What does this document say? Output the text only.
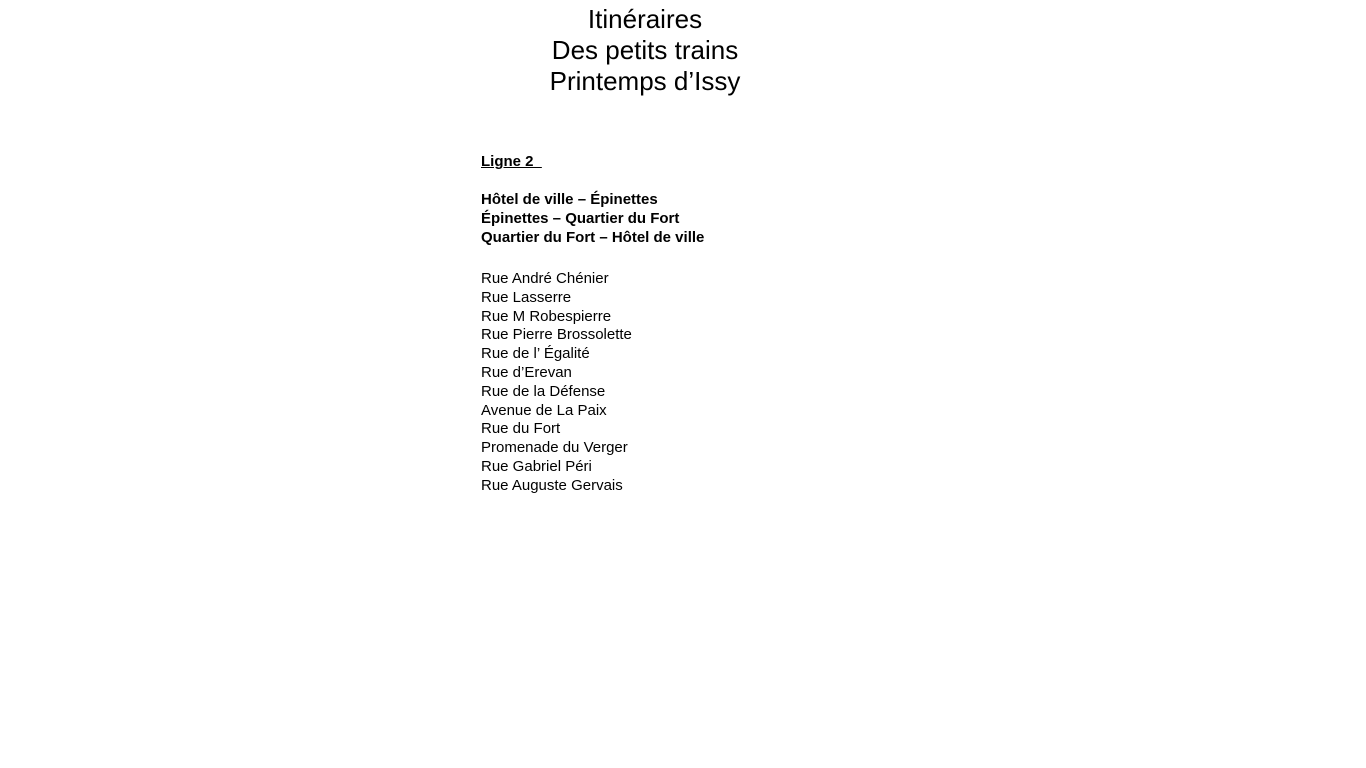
Itinéraires
Des petits trains
Printemps d’Issy
Ligne 2
Hôtel de ville – Épinettes
Épinettes – Quartier du Fort
Quartier du Fort – Hôtel de ville
Rue André Chénier
Rue Lasserre
Rue M Robespierre
Rue Pierre Brossolette
Rue de l’ Égalité
Rue d’Erevan
Rue de la Défense
Avenue de La Paix
Rue du Fort
Promenade du Verger
Rue Gabriel Péri
Rue Auguste Gervais
